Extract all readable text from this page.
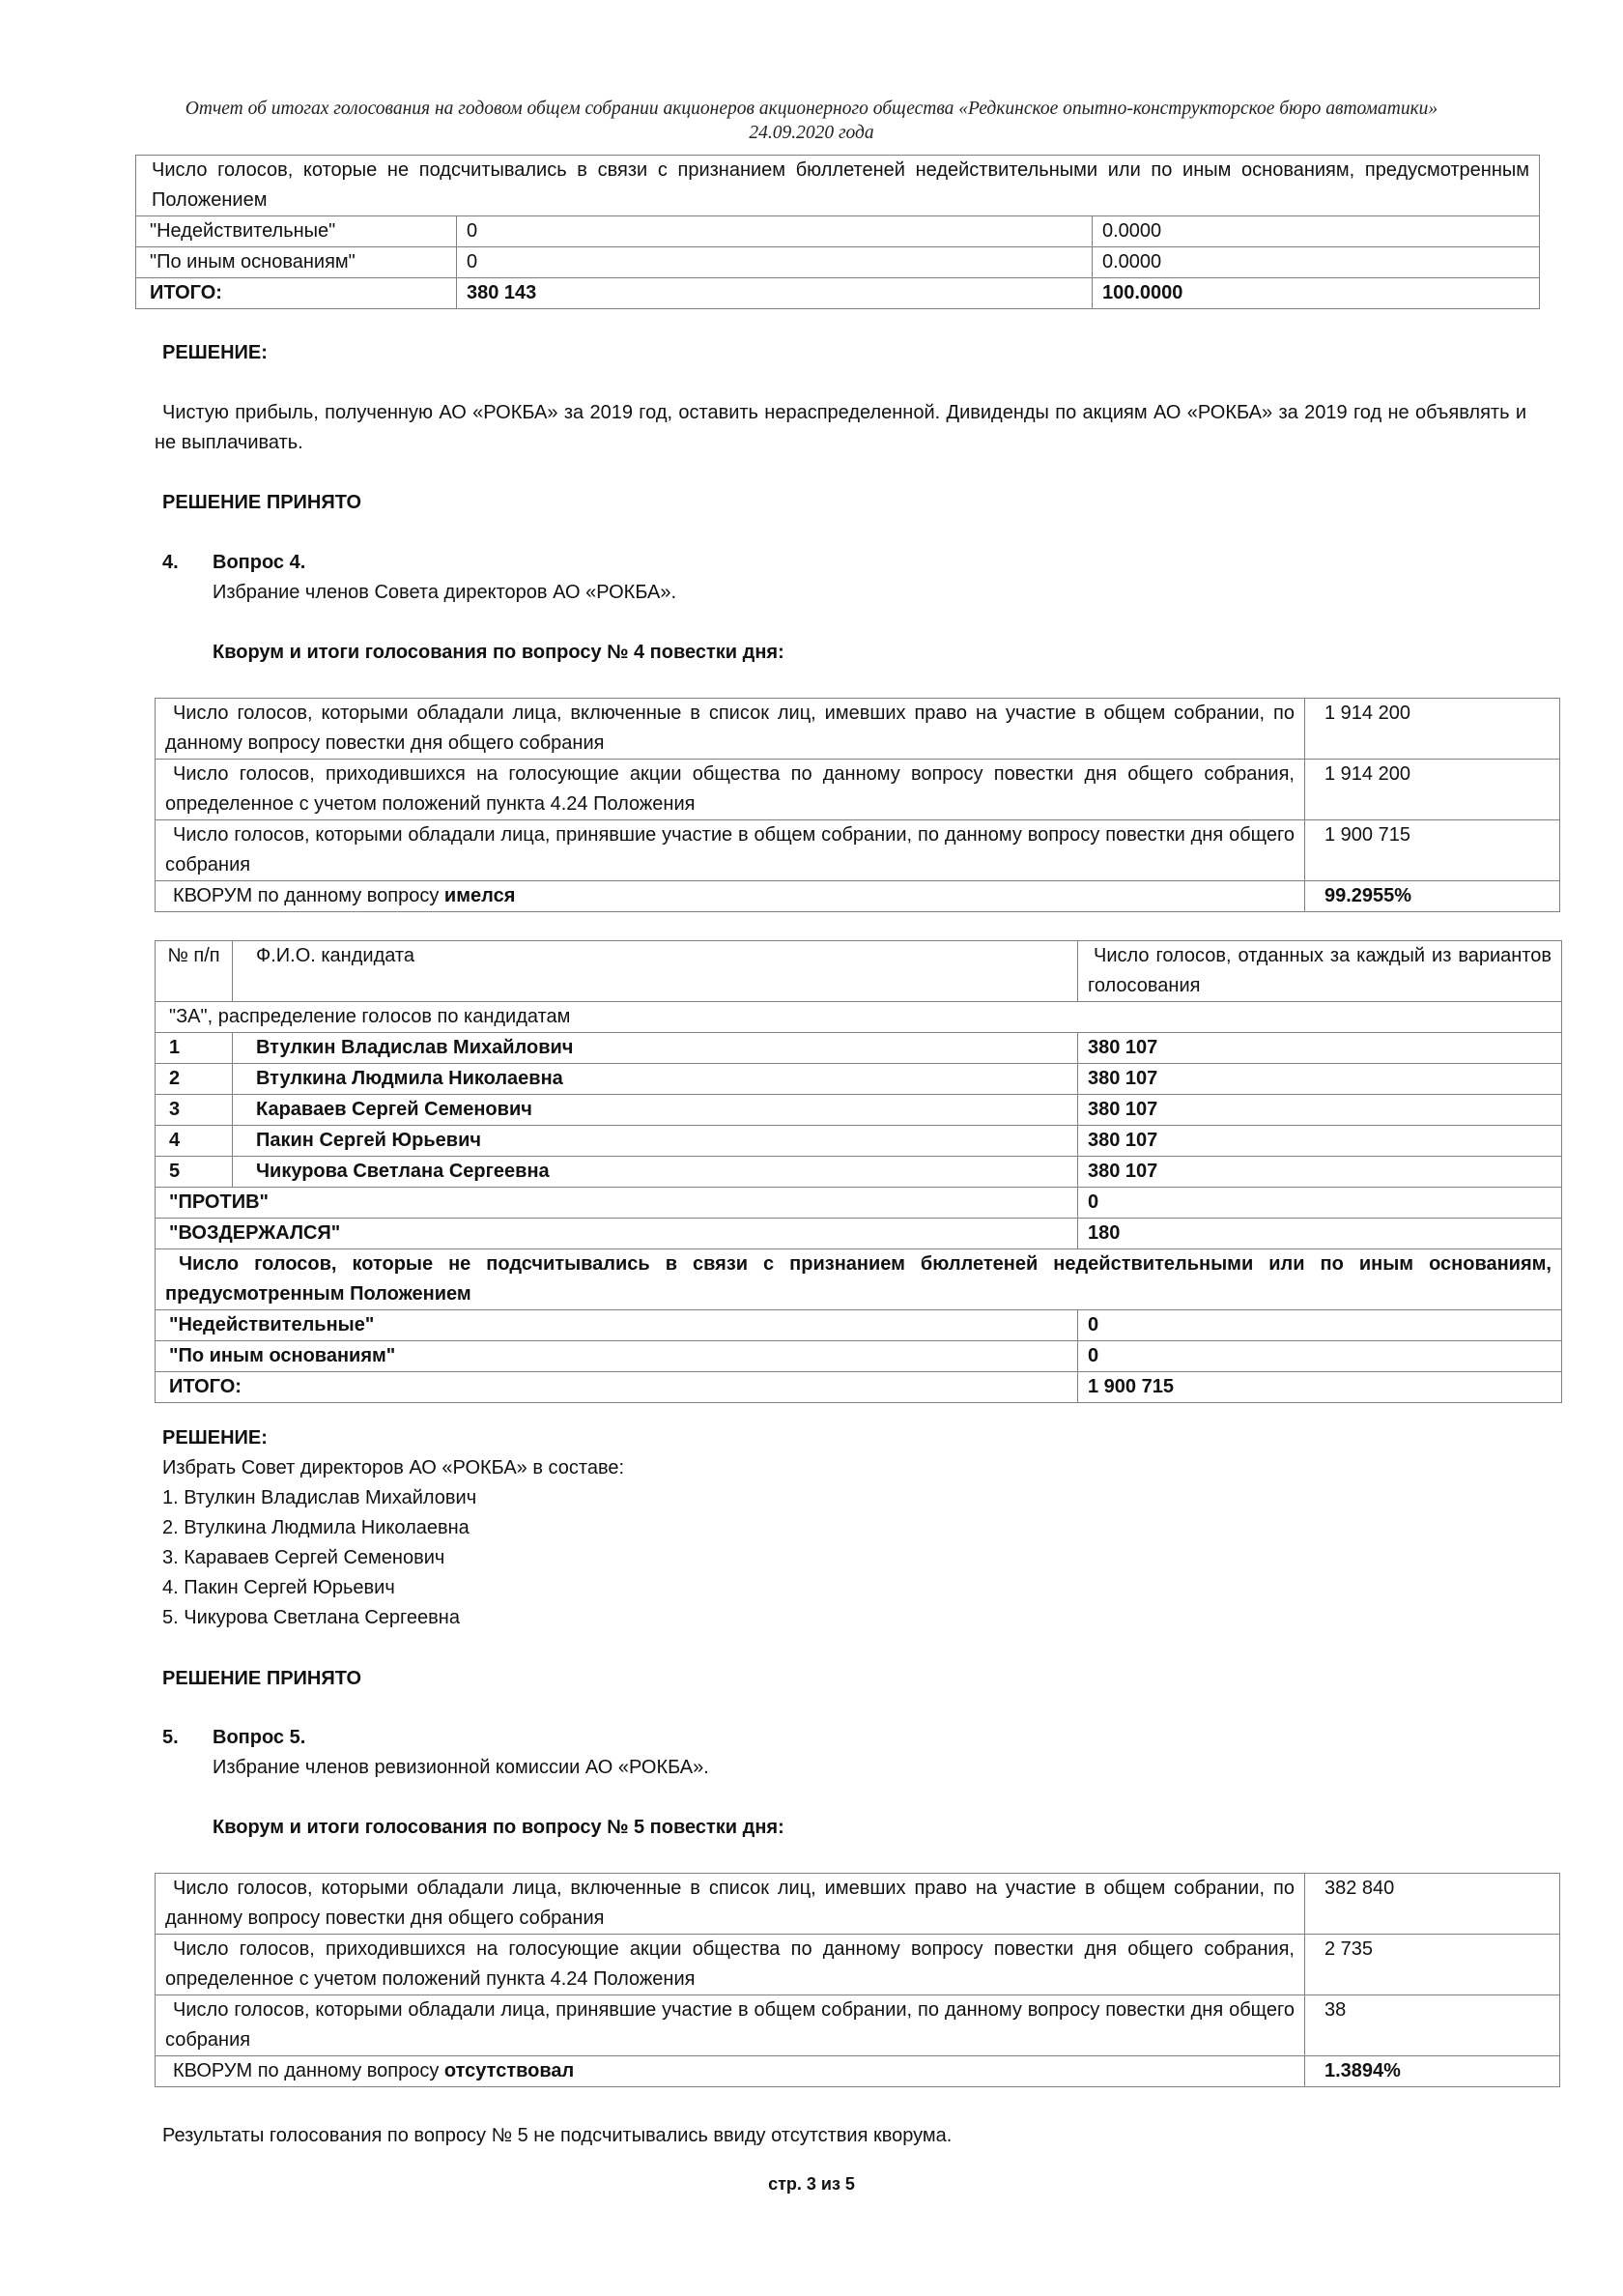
Отчет об итогах голосования на годовом общем собрании акционеров акционерного общества «Редкинское опытно-конструкторское бюро автоматики»
24.09.2020 года
Число голосов, которые не подсчитывались в связи с признанием бюллетеней недействительными или по иным основаниям, предусмотренным Положением		
"Недействительные"	0	0.0000
"По иным основаниям"	0	0.0000
ИТОГО:	380 143	100.0000
РЕШЕНИЕ:
Чистую прибыль, полученную АО «РОКБА» за 2019 год, оставить нераспределенной. Дивиденды по акциям АО «РОКБА» за 2019 год не объявлять и не выплачивать.
РЕШЕНИЕ ПРИНЯТО
4. Вопрос 4.
Избрание членов Совета директоров АО «РОКБА».
Кворум и итоги голосования по вопросу № 4 повестки дня:
Число голосов, которыми обладали лица, включенные в список лиц, имевших право на участие в общем собрании, по данному вопросу повестки дня общего собрания	1 914 200
Число голосов, приходившихся на голосующие акции общества по данному вопросу повестки дня общего собрания, определенное с учетом положений пункта 4.24 Положения	1 914 200
Число голосов, которыми обладали лица, принявшие участие в общем собрании, по данному вопросу повестки дня общего собрания	1 900 715
КВОРУМ по данному вопросу имелся	99.2955%
№ п/п	Ф.И.О. кандидата	Число голосов, отданных за каждый из вариантов голосования
"ЗА", распределение голосов по кандидатам		
1	Втулкин Владислав Михайлович	380 107
2	Втулкина Людмила Николаевна	380 107
3	Караваев Сергей Семенович	380 107
4	Пакин Сергей Юрьевич	380 107
5	Чикурова Светлана Сергеевна	380 107
"ПРОТИВ"		0
"ВОЗДЕРЖАЛСЯ"		180
Число голосов, которые не подсчитывались в связи с признанием бюллетеней недействительными или по иным основаниям, предусмотренным Положением		
"Недействительные"		0
"По иным основаниям"		0
ИТОГО:		1 900 715
РЕШЕНИЕ:
Избрать Совет директоров АО «РОКБА» в составе:
1. Втулкин Владислав Михайлович
2. Втулкина Людмила Николаевна
3. Караваев Сергей Семенович
4. Пакин Сергей Юрьевич
5. Чикурова Светлана Сергеевна
РЕШЕНИЕ ПРИНЯТО
5. Вопрос 5.
Избрание членов ревизионной комиссии АО «РОКБА».
Кворум и итоги голосования по вопросу № 5 повестки дня:
Число голосов, которыми обладали лица, включенные в список лиц, имевших право на участие в общем собрании, по данному вопросу повестки дня общего собрания	382 840
Число голосов, приходившихся на голосующие акции общества по данному вопросу повестки дня общего собрания, определенное с учетом положений пункта 4.24 Положения	2 735
Число голосов, которыми обладали лица, принявшие участие в общем собрании, по данному вопросу повестки дня общего собрания	38
КВОРУМ по данному вопросу отсутствовал	1.3894%
Результаты голосования по вопросу № 5 не подсчитывались ввиду отсутствия кворума.
стр. 3 из 5
